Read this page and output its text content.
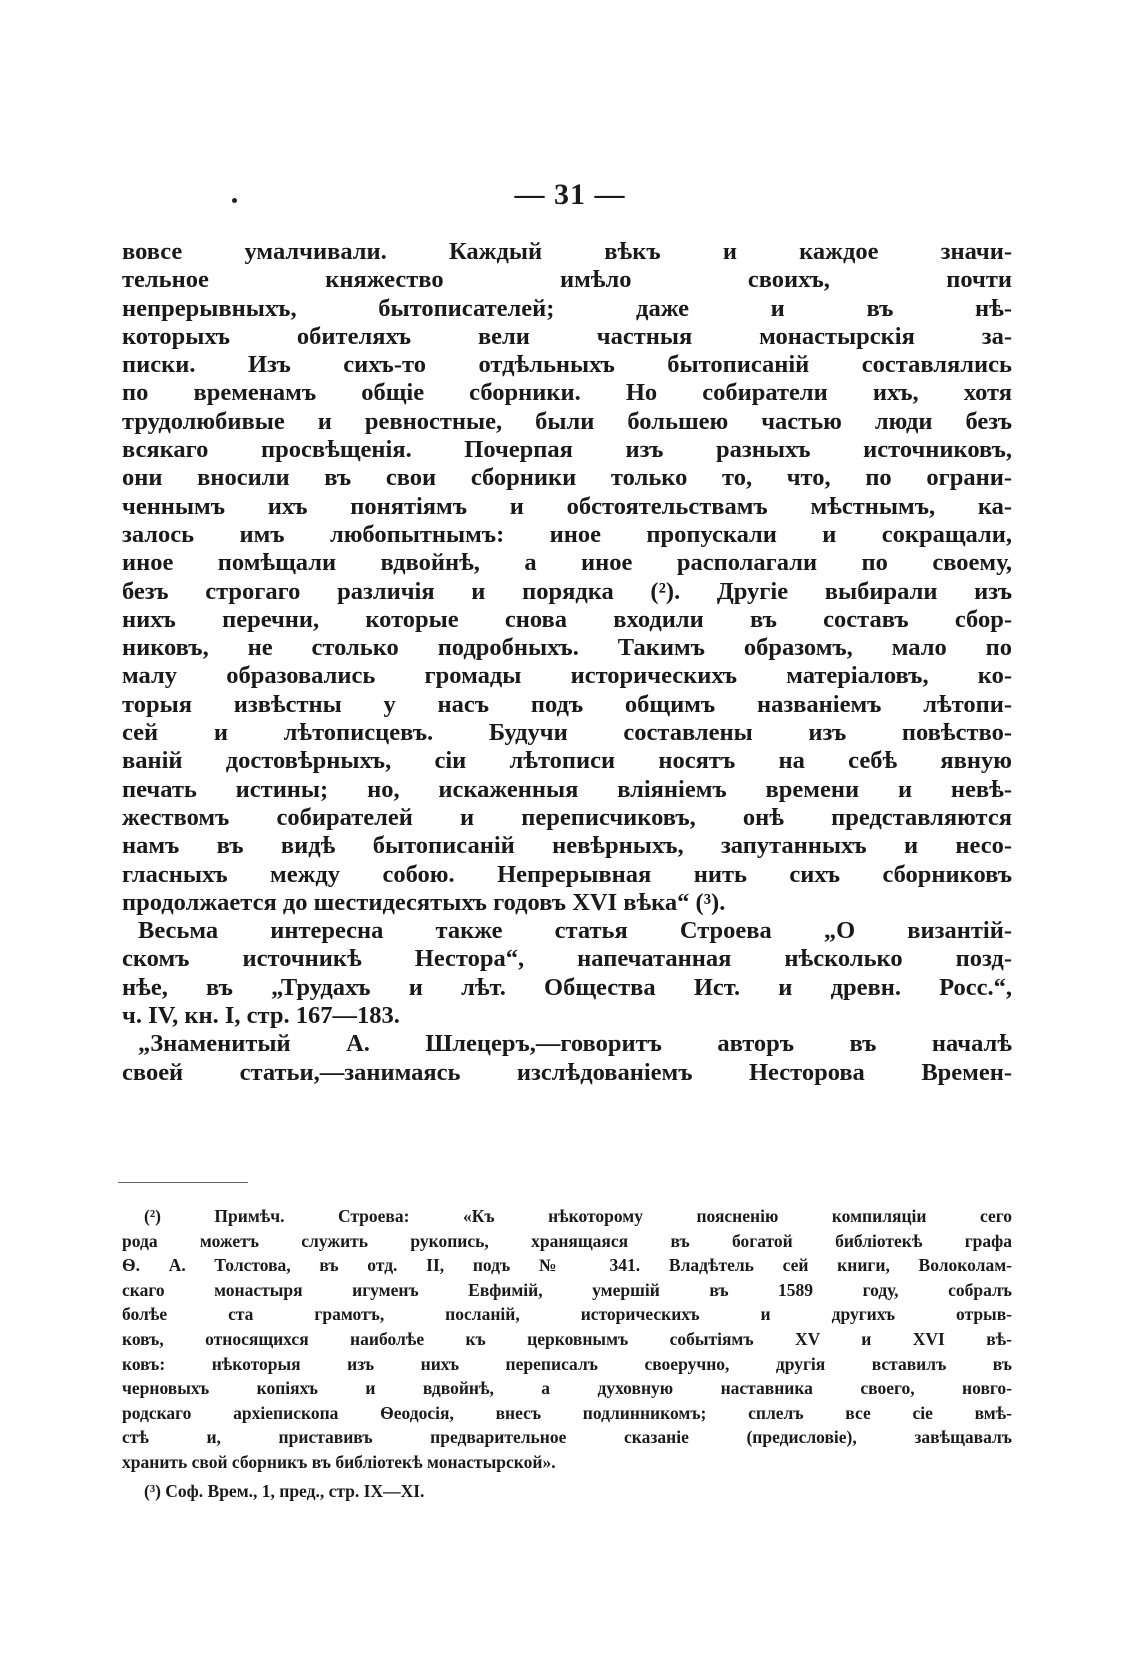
— 31 —
вовсе умалчивали. Каждый вѣкъ и каждое значи-
тельное княжество имѣло своихъ, почти
непрерывныхъ, бытописателей; даже и въ нѣ-
которыхъ обителяхъ вели частныя монастырскія за-
писки. Изъ сихъ-то отдѣльныхъ бытописаній составлялись
по временамъ общіе сборники. Но собиратели ихъ, хотя
трудолюбивые и ревностные, были большею частью люди безъ
всякаго просвѣщенія. Почерпая изъ разныхъ источниковъ,
они вносили въ свои сборники только то, что, по ограни-
ченнымъ ихъ понятіямъ и обстоятельствамъ мѣстнымъ, ка-
залось имъ любопытнымъ: иное пропускали и сокращали,
иное помѣщали вдвойнѣ, а иное располагали по своему,
безъ строгаго различія и порядка (²). Другіе выбирали изъ
нихъ перечни, которые снова входили въ составъ сбор-
никовъ, не столько подробныхъ. Такимъ образомъ, мало по
малу образовались громады историческихъ матеріаловъ, ко-
торыя извѣстны у насъ подъ общимъ названіемъ лѣтопи-
сей и лѣтописцевъ. Будучи составлены изъ повѣство-
ваній достовѣрныхъ, сіи лѣтописи носятъ на себѣ явную
печать истины; но, искаженныя вліяніемъ времени и невѣ-
жествомъ собирателей и переписчиковъ, онѣ представляются
намъ въ видѣ бытописаній невѣрныхъ, запутанныхъ и несо-
гласныхъ между собою. Непрерывная нить сихъ сборниковъ
продолжается до шестидесятыхъ годовъ XVI вѣка“ (³).
Весьма интересна также статья Строева „О византій-
скомъ источникѣ Нестора“, напечатанная нѣсколько позд-
нѣе, въ „Трудахъ и лѣт. Общества Ист. и древн. Росс.“,
ч. IV, кн. I, стр. 167—183.
„Знаменитый А. Шлецеръ,—говоритъ авторъ въ началѣ
своей статьи,—занимаясь изслѣдованіемъ Несторова Времен-
(²) Примѣч. Строева: «Къ нѣкоторому поясненію компиляціи сего
рода можетъ служить рукопись, хранящаяся въ богатой библіотекѣ графа
Ѳ. А. Толстова, въ отд. II, подъ № 341. Владѣтель сей книги, Волоколам-
скаго монастыря игуменъ Евфимій, умершій въ 1589 году, собралъ
болѣе ста грамотъ, посланій, историческихъ и другихъ отрыв-
ковъ, относящихся наиболѣе къ церковнымъ событіямъ XV и XVI вѣ-
ковъ: нѣкоторыя изъ нихъ переписалъ своеручно, другія вставилъ въ
черновыхъ копіяхъ и вдвойнѣ, а духовную наставника своего, новго-
родскаго архіепископа Ѳеодосія, внесъ подлинникомъ; сплелъ все сіе вмѣ-
стѣ и, приставивъ предварительное сказаніе (предисловіе), завѣщавалъ
хранить свой сборникъ въ библіотекѣ монастырской».
(³) Соф. Врем., 1, пред., стр. IX—XI.
